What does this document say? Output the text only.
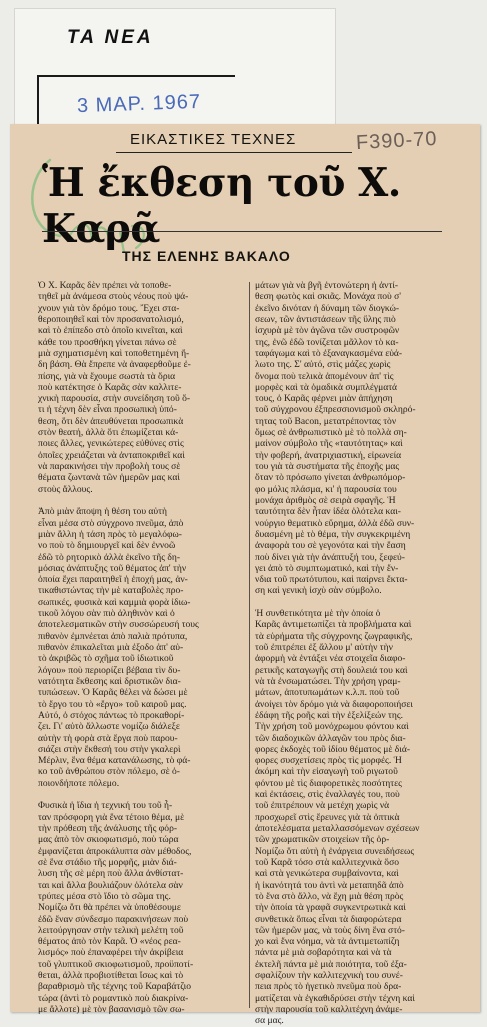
ΤΑ ΝΕΑ
3 ΜΑΡ. 1967
F390-70
ΕΙΚΑΣΤΙΚΕΣ ΤΕΧΝΕΣ
Ἡ ἔκθεση τοῦ Χ. Καρᾶ
ΤΗΣ ΕΛΕΝΗΣ ΒΑΚΑΛΟ
Ὁ Χ. Καρᾶς δὲν πρέπει νὰ τοποθε-
τηθεῖ μὰ ἀνάμεσα στοὺς νέους ποὺ ψά-
χνουν γιὰ τὸν δρόμο τους. Ἔχει στα-
θεροποιηθεῖ καὶ τὸν προσανατολισμό,
καὶ τὸ ἐπίπεδο στὸ ὁποῖο κινεῖται, καὶ
κάθε του προσθήκη γίνεται πάνω σὲ
μιὰ σχηματισμένη καὶ τοποθετημένη ἤ-
δη βάση. Θὰ ἔπρεπε νὰ ἀναφερθοῦμε ἐ-
πίσης, γιὰ νὰ ἔχουμε σωστὰ τὰ ὅρια
ποὺ κατέκτησε ὁ Καρᾶς σὰν καλλιτε-
χνικὴ παρουσία, στὴν συνείδηση τοῦ ὅ-
τι ἡ τέχνη δὲν εἶναι προσωπικὴ ὑπό-
θεση, ὅτι δὲν ἀπευθύνεται προσωπικὰ
στὸν θεατή, ἀλλὰ ὅτι ἐπωμίζεται κά-
ποιες ἄλλες, γενικώτερες εὐθύνες στὶς
ὁποῖες χρειάζεται νὰ ἀνταποκριθεῖ καὶ
νὰ παρακινήσει τὴν προβολὴ τους σὲ
θέματα ζωντανὰ τῶν ἡμερῶν μας καὶ
στοὺς ἄλλους.
Ἀπὸ μιὰν ἄποψη ἡ θέση του αὐτὴ
εἶναι μέσα στὸ σύγχρονο πνεῦμα, ἀπὸ
μιὰν ἄλλη ἡ τάση πρὸς τὸ μεγαλόφω-
νο ποὺ τὸ δημιουργεῖ καὶ δὲν ἐννοῶ
ἐδῶ τὸ ρητορικὸ ἀλλὰ ἐκεῖνο τῆς δη-
μόσιας ἀνάπτυξης τοῦ θέματος ἀπ' τὴν
ὁποία ἔχει παραιτηθεῖ ἡ ἐποχή μας, ἀν-
τικαθιστώντας τὴν μὲ καταβολὲς προ-
σωπικές, φυσικὰ καὶ καμμιὰ φορὰ ἰδιω-
τικοῦ λόγου σὰν πιὸ ἀληθινὸν καὶ ὁ
ἀποτελεσματικῶν στὴν συσσώρευσή τους
πιθανὸν ἐμπνέεται ἀπὸ παλιὰ πρότυπα,
πιθανὸν ἐπικαλεῖται μιὰ ἐξοδο ἀπ' αὐ-
τὸ ἀκριβῶς τὸ σχῆμα τοῦ ἰδιωτικοῦ
λόγου» ποὺ περιορίζει βέβαια τὶν δυ-
νατότητα ἔκθεσης καὶ δριστικῶν δια-
τυπώσεων. Ὁ Καρᾶς θέλει νὰ δώσει μὲ
τὸ ἔργο του τὸ «ἔργο» τοῦ καιροῦ μας.
Αὐτό, ὁ στόχος πάντως τὸ προκαθορί-
ζει. Γι' αὐτὸ ἄλλωστε νομίζω διάλεξε
αὐτὴν τὴ φορὰ στὰ ἔργα ποὺ παρου-
σιάζει στὴν ἔκθεσή του στὴν γκαλερὶ
Μέρλιν, ἕνα θέμα κατανάλωσης, τὸ φά-
κο τοῦ ἀνθρώπου στὸν πόλεμο, σὲ ὁ-
ποιονδήποτε πόλεμο.
Φυσικὰ ἡ ἴδια ἡ τεχνική του τοῦ ἦ-
ταν πρόσφορη γιὰ ἕνα τέτοιο θέμα, μὲ
τὴν πρόθεση τῆς ἀνάλυσης τῆς φόρ-
μας ἀπὸ τὸν σκιοφωτισμό, ποὺ τώρα
ἐμφανίζεται ἀπροκάλυπτα σὰν μέθοδος,
σὲ ἕνα στάδιο τῆς μορφῆς, μιὰν διά-
λυση τῆς σὲ μέρη ποὺ ἄλλα ἀνθίστατ-
ται καὶ ἄλλα βουλιάζουν ὁλότελα σὰν
τρύπες μέσα στὸ ἴδιο τὸ σῶμα της.
Νομίζω ὅτι θὰ πρέπει νὰ ὑποθέσουμε
ἐδῶ ἕναν σύνδεσμο παρακινήσεων ποὺ
λειτούργησαν στὴν τελικὴ μελέτη τοῦ
θέματος ἀπὸ τὸν Καρᾶ. Ὁ «νέος ρεα-
λισμός» ποὺ ἐπαναφέρει τὴν ἀκρίβεια
τοῦ γλυπτικοῦ σκιοφωτισμοῦ, προϋποτί-
θεται, ἀλλὰ προβιοτίθεται ἴσως καὶ τὸ
βαραθρισμὸ τῆς τέχνης τοῦ Καραβάτζιο
τώρα (ἀντὶ τὸ ρομαντικὸ ποὺ διακρίνα-
με ἄλλοτε) μὲ τὸν βασανισμὸ τῶν σω-
μάτων γιὰ νὰ βγῆ ἐντονώτερη ἡ ἀντί-
θεση φωτὸς καὶ σκιᾶς. Μονάχα ποὺ σ'
ἐκεῖνο δινόταν ἡ δύναμη τῶν διογκώ-
σεων, τῶν ἀντιστάσεων τῆς ὕλης πιὸ
ἰσχυρὰ μὲ τὸν ἀγῶνα τῶν συστροφῶν
της, ἐνῶ ἐδῶ τονίζεται μᾶλλον τὸ κα-
ταφάγωμα καὶ τὸ ἐξαναγκασμένα εὐά-
λωτο της. Σ' αὐτό, στὶς μάζες χωρὶς
ὄνομα ποὺ τελικὰ ἀπομένουν ἀπ' τὶς
μορφὲς καὶ τὰ ὁμαδικὰ συμπλέγματά
τους, ὁ Καρᾶς φέρνει μιὰν ἀπήχηση
τοῦ σύγχρονου ἐξπρεσσιονισμοῦ σκληρό-
τητας τοῦ Bacon, μετατρέποντας τὸν
ὅμως σὲ ἀνθρωπιστικὸ μὲ τὸ πολλὰ ση-
μαίνον σύμβολο τῆς «ταυτότητας» καὶ
τὴν φοβερή, ἀνατριχιαστική, εἰρωνεία
του γιὰ τὰ συστήματα τῆς ἐποχῆς μας
ὅταν τὸ πρόσωπο γίνεται ἀνθρωπόμορ-
φο μόλις πλάσμα, κι' ἡ παρουσία του
μονάχα ἀριθμὸς σὲ σειρὰ σφαγῆς. Ἡ
ταυτότητα δὲν ἦταν ἰδέα ὁλότελα και-
νούργιο θεματικὸ εὕρημα, ἀλλὰ ἐδῶ συν-
δυασμένη μὲ τὸ θέμα, τὴν συγκεκριμένη
ἀναφορὰ του σὲ γεγονότα καὶ τὴν ἔαση
ποὺ δίνει γιὰ τὴν ἀνάπτυξή του, ξεφεύ-
γει ἀπὸ τὸ συμπτωματικό, καὶ τὴν ἔν-
νδια τοῦ πρωτότυπου, καὶ παίρνει ἔκτα-
ση καὶ γενικὴ ἰσχὺ σὰν σύμβολο.
Ἡ συνθετικότητα μὲ τὴν ὁποία ὁ
Καρᾶς ἀντιμετωπίζει τὰ προβλήματα καὶ
τὰ εὑρήματα τῆς σύγχρονης ζωγραφικῆς,
τοῦ ἐπιτρέπει ἐξ ἄλλου μ' αὐτὴν τὴν
ἀφορμὴ νὰ ἐντάξει νέα στοιχεῖα διαφο-
ρετικῆς καταγωγῆς στὴ δουλειά του καὶ
νὰ τὰ ἐνσωματώσει. Τὴν χρήση γραμ-
μάτων, ἀποτυπωμάτων κ.λ.π. ποὺ τοῦ
ἀνοίγει τὸν δρόμο γιὰ νὰ διαφοροποιήσει
ἐδάφη τῆς ροῆς καὶ τὴν ἐξελίξεών της.
Τὴν χρήση τοῦ μονόχρωμου φόντου καὶ
τῶν διαδοχικῶν ἀλλαγῶν του πρὸς δια-
φορες ἐκδοχὲς τοῦ ἰδίου θέματος μὲ διά-
φορες συσχετίσεις πρὸς τὶς μορφές. Ἡ
ἀκόμη καὶ τὴν εἰσαγωγὴ τοῦ ριγωτοῦ
φόντου μὲ τὶς διαφορετικὲς ποσότητες
καὶ ἐκτάσεις, στὶς ἐναλλαγές του, ποὺ
τοῦ ἐπιτρέπουν νὰ μετέχη χωρὶς νὰ
προσχωρεῖ στὶς ἔρευνες γιὰ τὰ ὀπτικὰ
ἀποτελέσματα μεταλλασσόμενων σχέσεων
τῶν χρωματικῶν στοιχείων τῆς ὀρ-
Νομίζω ὅτι αὐτὴ ἡ ἐνάργεια συνειδήσεως
τοῦ Καρᾶ τόσο στὰ καλλιτεχνικὰ ὅσο
καὶ στὰ γενικώτερα συμβαίνοντα, καὶ
ἡ ἱκανότητά του ἀντὶ νὰ μεταπηδᾶ ἀπὸ
τὸ ἕνα στὸ ἄλλο, νὰ ἔχη μιὰ θέση πρὸς
τὴν ὁποία τὰ γραφᾶ συγκεντρωτικὰ καὶ
συνθετικὰ ὅπως εἶναι τὰ διαφορώτερα
τῶν ἡμερῶν μας, νὰ τοὺς δίνη ἕνα στό-
χο καὶ ἕνα νόημα, νὰ τὰ ἀντιμετωπίζη
πάντα μὲ μιὰ σοβαρότητα καὶ νὰ τὰ
ἐκτελῆ πάντα μὲ μιὰ ποιότητα, τοῦ ἐξα-
σφαλίζουν τὴν καλλιτεχνικὴ του συνέ-
πεια πρὸς τὸ ἠγετικὸ πνεῦμα ποὺ δρα-
ματίζεται νὰ ἐγκαθιδρύσει στὴν τέχνη καὶ
στὴν παρουσία τοῦ καλλιτέχνη ἀνάμε-
σα μας.
